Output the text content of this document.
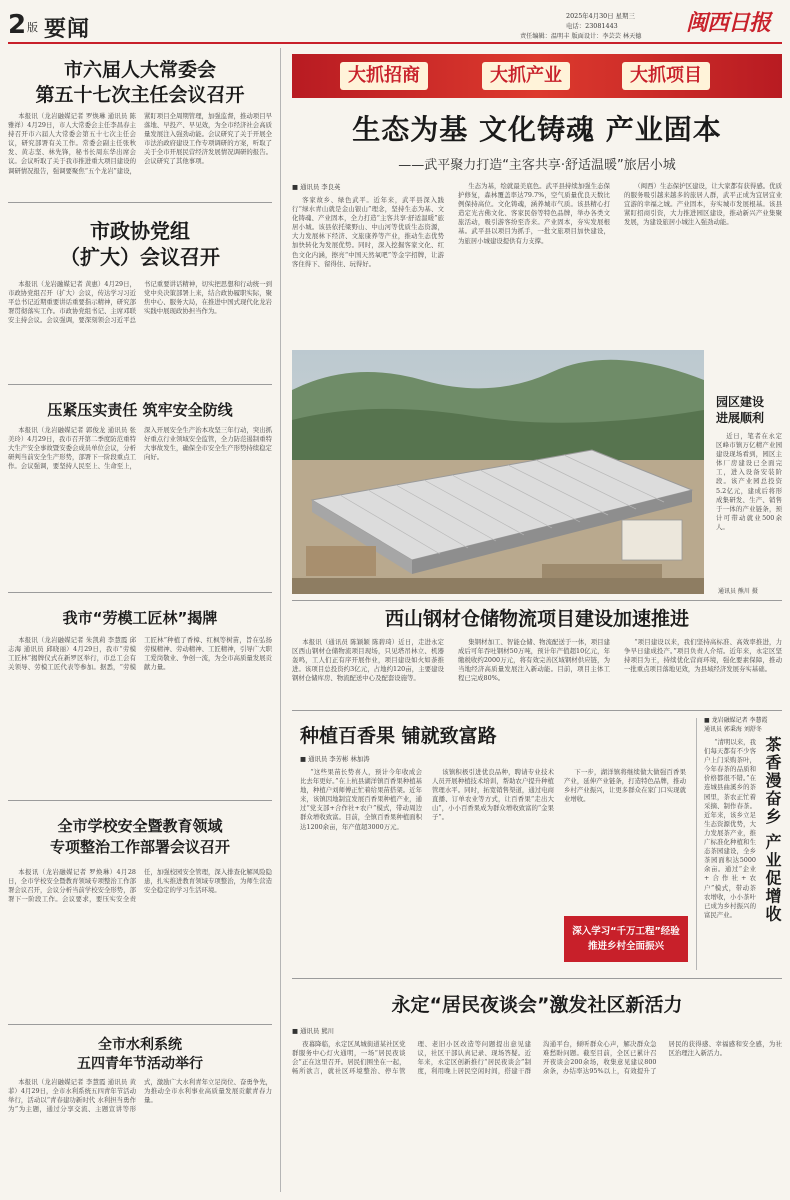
2 版 要闻
2025年4月30日 星期三
电话：23081443
责任编辑：温明丰 版面设计：李芸芸 林天德
闽西日报
市六届人大常委会
第五十七次主任会议召开

本报讯（龙岩融媒记者 罗焕琳 通讯员 陈雅祥）4月29日，市人大常委会主任李昌春主持召开市六届人大常委会第五十七次主任会议，研究部署有关工作。常委会副主任张秋发、黄志坚、林先锋，秘书长周东华出席会议。会议听取了关于我市推进重大项目建设的调研情况报告，强调要聚焦“五个龙岩”建设，紧盯项目全周期管理，加强监督，推动项目早落地、早投产、早见效，为全市经济社会高质量发展注入强劲动能。会议研究了关于开展全市法治政府建设工作专项调研的方案，听取了关于全市开展民营经济发展情况调研的报告。会议研究了其他事项。

市政协党组
（扩大）会议召开

本报讯（龙岩融媒记者 黄惠）4月29日，市政协党组召开（扩大）会议，传达学习习近平总书记近期重要讲话重要指示精神，研究部署贯彻落实工作。市政协党组书记、主席邓联安主持会议。会议强调，要深刻领会习近平总书记重要讲话精神，切实把思想和行动统一到党中央决策部署上来，结合政协履职实际，聚焦中心、服务大局，在推进中国式现代化龙岩实践中展现政协担当作为。

压紧压实责任 筑牢安全防线

本报讯（龙岩融媒记者 郭俊龙 通讯员 张美玲）4月29日，我市召开第二季度防范重特大生产安全事故暨安委会成员单位会议，分析研判当前安全生产形势，部署下一阶段重点工作。会议强调，要坚持人民至上、生命至上，深入开展安全生产治本攻坚三年行动，突出抓好重点行业领域安全监管，全力防范遏制重特大事故发生，确保全市安全生产形势持续稳定向好。

我市“劳模工匠林”揭牌

本报讯（龙岩融媒记者 朱凯莉 李慧霞 邱志海 通讯员 邱晓丽）4月29日，我市“劳模工匠林”揭牌仪式在新罗区举行，市总工会有关领导、劳模工匠代表等参加。据悉，“劳模工匠林”种植了香樟、红枫等树苗，旨在弘扬劳模精神、劳动精神、工匠精神，引导广大职工爱岗敬业、争创一流，为全市高质量发展贡献力量。

全市学校安全暨教育领域
专项整治工作部署会议召开

本报讯（龙岩融媒记者 罗焕琳）4月28日，全市学校安全暨教育领域专项整治工作部署会议召开，会议分析当前学校安全形势，部署下一阶段工作。会议要求，要压实安全责任，加强校园安全管理，深入排查化解风险隐患，扎实推进教育领域专项整治，为师生营造安全稳定的学习生活环境。

全市水利系统
五四青年节活动举行

本报讯（龙岩融媒记者 李慧霞 通讯员 黄菲）4月29日，全市水利系统五四青年节活动举行，活动以“青春建功新时代 水利担当勇作为”为主题，通过分享交流、主题宣讲等形式，激励广大水利青年立足岗位、奋勇争先，为推动全市水利事业高质量发展贡献青春力量。

大抓招商	大抓产业	大抓项目
生态为基 文化铸魂 产业固本
——武平聚力打造“主客共享·舒适温暖”旅居小城
■ 通讯员 李良英

客家故乡、绿色武平。近年来，武平县深入践行“绿水青山就是金山银山”理念，坚持生态为基、文化铸魂、产业固本，全力打造“主客共享·舒适温暖”旅居小城。该县依托梁野山、中山河等优质生态资源，大力发展林下经济、文旅康养等产业，推动生态优势加快转化为发展优势。同时，深入挖掘客家文化、红色文化内涵，擦亮“中国天然氧吧”等金字招牌，让游客住得下、留得住、玩得好。

生态为基，绘就最美底色。武平县持续加强生态保护修复，森林覆盖率达79.7%，空气质量优良天数比例保持高位。文化铸魂，涵养城市气质。该县精心打造定光古佛文化、客家民俗等特色品牌，举办各类文旅活动，吸引游客纷至沓来。产业固本，夯实发展根基。武平县以项目为抓手，一批文旅项目加快建设，为旅居小城建设提供有力支撑。

（闽西）生态保护区建设，让大家都有获得感。优质的服务吸引越来越多的旅居人群，武平正成为宜居宜业宜游的幸福之城。产业固本，夯实城市发展根基。该县紧盯招商引资，大力推进园区建设，推动新兴产业集聚发展，为建设旅居小城注入强劲动能。

园区建设
进展顺利

近日，笔者在永定区峰市镇万亿精产业园建设现场看到，园区主体厂房建设已全面完工，进入设备安装阶段。该产业园总投资5.2亿元，建成后将形成集研发、生产、销售于一体的产业链条，预计可带动就业500余人。

通讯员 熊川 摄
西山钢材仓储物流项目建设加速推进

本报讯（通讯员 陈颖颖 陈碧琦）近日，走进永定区西山钢材仓储物流项目现场，只见塔吊林立、机器轰鸣，工人们正有序开展作业，项目建设如火如荼推进。该项目总投资约3亿元，占地约120亩，主要建设钢材仓储库房、物流配送中心及配套设施等。

集钢材加工、智能仓储、物流配送于一体，项目建成后可年吞吐钢材50万吨，预计年产值超10亿元，年缴税收约2000万元，将有效完善区域钢材供应链，为当地经济高质量发展注入新动能。目前，项目主体工程已完成80%。

“项目建设以来，我们坚持高标准、高效率推进，力争早日建成投产。”项目负责人介绍。近年来，永定区坚持项目为王，持续优化营商环境，强化要素保障，推动一批重点项目落地见效，为县域经济发展夯实基础。

种植百香果 铺就致富路
■ 通讯员 李芳彬 林加涛

“这些果苗长势喜人，预计今年收成会比去年更好。”在上杭县湖洋镇百香果种植基地，种植户刘师傅正忙着给果苗搭架。近年来，该镇因地制宜发展百香果种植产业，通过“党支部+合作社+农户”模式，带动周边群众增收致富。目前，全镇百香果种植面积达1200余亩，年产值超3000万元。

该镇积极引进优良品种，聘请专业技术人员开展种植技术培训，帮助农户提升种植管理水平。同时，拓宽销售渠道，通过电商直播、订单农业等方式，让百香果“走出大山”，小小百香果成为群众增收致富的“金果子”。

下一步，湖洋镇将继续做大做强百香果产业，延伸产业链条，打造特色品牌，推动乡村产业振兴，让更多群众在家门口实现就业增收。

深入学习“千万工程”经验
推进乡村全面振兴
■ 龙岩融媒记者 李慧霞
通讯员 郭秉海 刘舒冬

“清明以来，我们每天都有不少客户上门采购茶叶，今年春茶的品质和价格都很不错。”在连城县曲溪乡的茶园里，茶农正忙着采摘、制作春茶。近年来，该乡立足生态资源优势，大力发展茶产业，推广标准化种植和生态茶园建设，全乡茶园面积达5000余亩。通过“企业+合作社+农户”模式，带动茶农增收，小小茶叶已成为乡村振兴的富民产业。	茶香漫奋乡 产业促增收
永定“居民夜谈会”激发社区新活力
■ 通讯员 熊川

夜幕降临，永定区凤城街道某社区党群服务中心灯火通明，一场“居民夜谈会”正在这里召开。居民们围坐在一起，畅所欲言，就社区环境整治、停车管理、老旧小区改造等问题提出意见建议，社区干部认真记录、现场答疑。近年来，永定区创新推行“居民夜谈会”制度，利用晚上居民空闲时间，搭建干群沟通平台，倾听群众心声，解决群众急难愁盼问题。截至目前，全区已累计召开夜谈会200余场，收集意见建议800余条，办结率达95%以上，有效提升了居民的获得感、幸福感和安全感，为社区治理注入新活力。
